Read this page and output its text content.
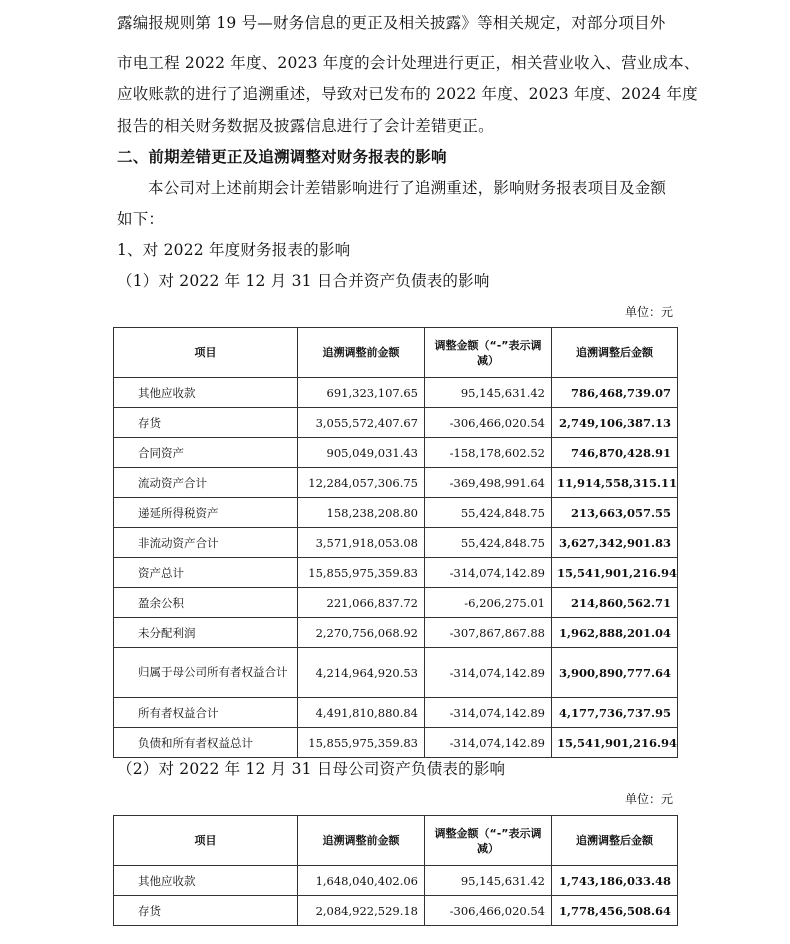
露编报规则第 19 号—财务信息的更正及相关披露》等相关规定，对部分项目外
市电工程 2022 年度、2023 年度的会计处理进行更正，相关营业收入、营业成本、
应收账款的进行了追溯重述，导致对已发布的 2022 年度、2023 年度、2024 年度
报告的相关财务数据及披露信息进行了会计差错更正。
二、前期差错更正及追溯调整对财务报表的影响
本公司对上述前期会计差错影响进行了追溯重述，影响财务报表项目及金额
如下：
1、对 2022 年度财务报表的影响
（1）对 2022 年 12 月 31 日合并资产负债表的影响
单位：元
项目	追溯调整前金额	调整金额（“-”表示调减）	追溯调整后金额
其他应收款	691,323,107.65	95,145,631.42	786,468,739.07
存货	3,055,572,407.67	-306,466,020.54	2,749,106,387.13
合同资产	905,049,031.43	-158,178,602.52	746,870,428.91
流动资产合计	12,284,057,306.75	-369,498,991.64	11,914,558,315.11
递延所得税资产	158,238,208.80	55,424,848.75	213,663,057.55
非流动资产合计	3,571,918,053.08	55,424,848.75	3,627,342,901.83
资产总计	15,855,975,359.83	-314,074,142.89	15,541,901,216.94
盈余公积	221,066,837.72	-6,206,275.01	214,860,562.71
未分配利润	2,270,756,068.92	-307,867,867.88	1,962,888,201.04
归属于母公司所有者权益合计	4,214,964,920.53	-314,074,142.89	3,900,890,777.64
所有者权益合计	4,491,810,880.84	-314,074,142.89	4,177,736,737.95
负债和所有者权益总计	15,855,975,359.83	-314,074,142.89	15,541,901,216.94
（2）对 2022 年 12 月 31 日母公司资产负债表的影响
单位：元
项目	追溯调整前金额	调整金额（“-”表示调减）	追溯调整后金额
其他应收款	1,648,040,402.06	95,145,631.42	1,743,186,033.48
存货	2,084,922,529.18	-306,466,020.54	1,778,456,508.64
